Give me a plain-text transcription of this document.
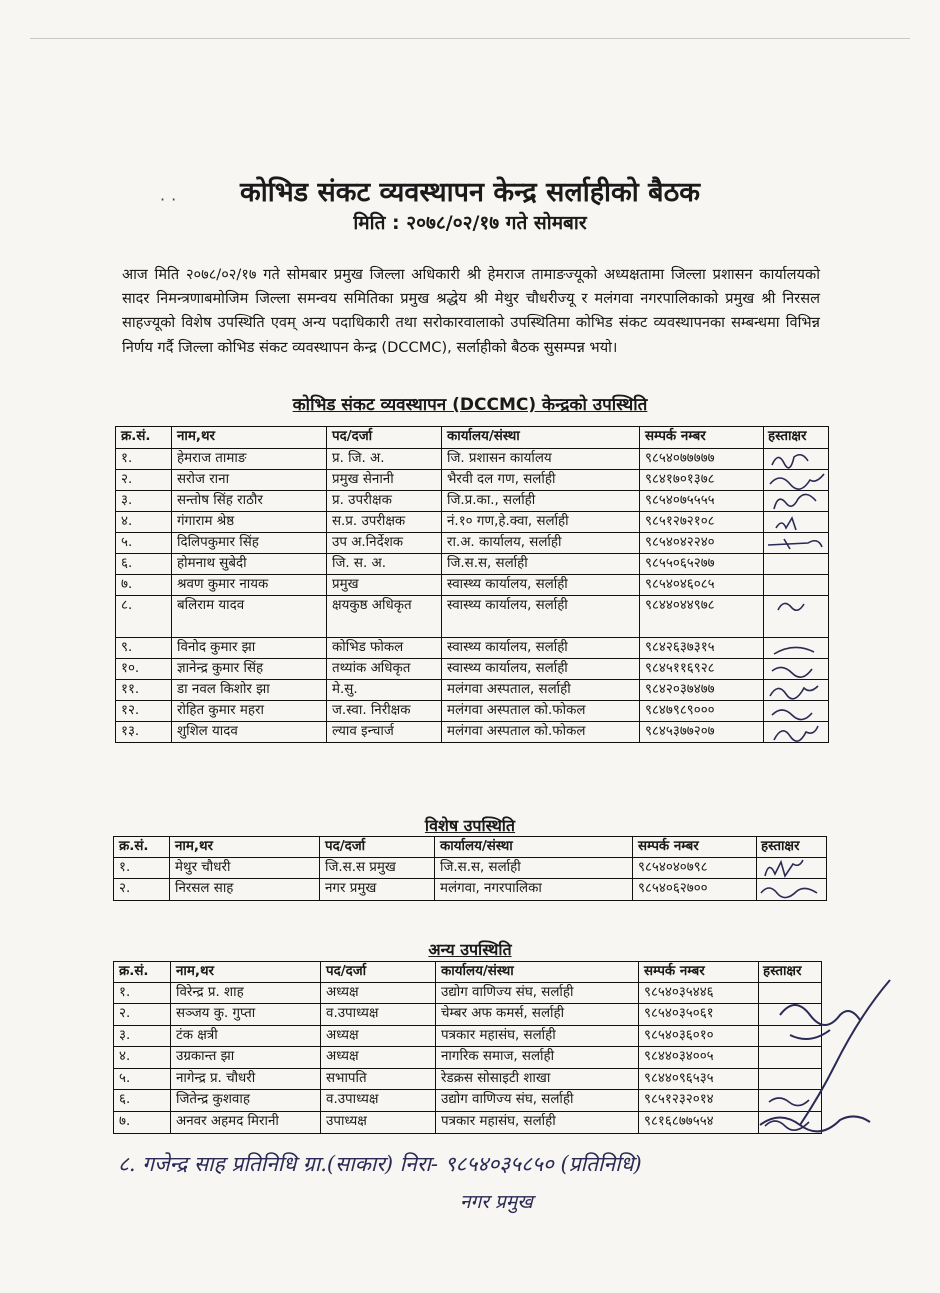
··	कोभिड संकट व्यवस्थापन केन्द्र सर्लाहीको बैठक
मिति : २०७८/०२/१७ गते सोमबार
आज मिति २०७८/०२/१७ गते सोमबार प्रमुख जिल्ला अधिकारी श्री हेमराज तामाङज्यूको अध्यक्षतामा जिल्ला प्रशासन कार्यालयको सादर निमन्त्रणाबमोजिम जिल्ला समन्वय समितिका प्रमुख श्रद्धेय श्री मेथुर चौधरीज्यू र मलंगवा नगरपालिकाको प्रमुख श्री निरसल साहज्यूको विशेष उपस्थिति एवम् अन्य पदाधिकारी तथा सरोकारवालाको उपस्थितिमा कोभिड संकट व्यवस्थापनका सम्बन्धमा विभिन्न निर्णय गर्दै जिल्ला कोभिड संकट व्यवस्थापन केन्द्र (DCCMC), सर्लाहीको बैठक सुसम्पन्न भयो।
कोभिड संकट व्यवस्थापन (DCCMC) केन्द्रको उपस्थिति
क्र.सं.	नाम,थर	पद/दर्जा	कार्यालय/संस्था	सम्पर्क नम्बर	हस्ताक्षर
१.	हेमराज तामाङ	प्र. जि. अ.	जि. प्रशासन कार्यालय	९८५४०७७७७७	

२.	सरोज राना	प्रमुख सेनानी	भैरवी दल गण, सर्लाही	९८४१७०१३७८	

३.	सन्तोष सिंह राठौर	प्र. उपरीक्षक	जि.प्र.का., सर्लाही	९८५४०७५५५५	

४.	गंगाराम श्रेष्ठ	स.प्र. उपरीक्षक	नं.१० गण,हे.क्वा, सर्लाही	९८५१२७२१०८	

५.	दिलिपकुमार सिंह	उप अ.निर्देशक	रा.अ. कार्यालय, सर्लाही	९८५४०४२२४०	

६.	होमनाथ सुबेदी	जि. स. अ.	जि.स.स, सर्लाही	९८५५०६५२७७	
७.	श्रवण कुमार नायक	प्रमुख	स्वास्थ्य कार्यालय, सर्लाही	९८५४०४६०८५	
८.	बलिराम यादव	क्षयकुष्ठ अधिकृत	स्वास्थ्य कार्यालय, सर्लाही	९८४४०४४९७८	

९.	विनोद कुमार झा	कोभिड फोकल	स्वास्थ्य कार्यालय, सर्लाही	९८४२६३७३१५	

१०.	ज्ञानेन्द्र कुमार सिंह	तथ्यांक अधिकृत	स्वास्थ्य कार्यालय, सर्लाही	९८४५११६९२८	

११.	डा नवल किशोर झा	मे.सु.	मलंगवा अस्पताल, सर्लाही	९८४२०३७४७७	

१२.	रोहित कुमार महरा	ज.स्वा. निरीक्षक	मलंगवा अस्पताल को.फोकल	९८४७९८९०००	

१३.	शुशिल यादव	ल्याव इन्चार्ज	मलंगवा अस्पताल को.फोकल	९८४५३७७२०७	
विशेष उपस्थिति
क्र.सं.	नाम,थर	पद/दर्जा	कार्यालय/संस्था	सम्पर्क नम्बर	हस्ताक्षर
१.	मेथुर चौधरी	जि.स.स प्रमुख	जि.स.स, सर्लाही	९८५४०४०७९८	

२.	निरसल साह	नगर प्रमुख	मलंगवा, नगरपालिका	९८५४०६२७००	
अन्य उपस्थिति
क्र.सं.	नाम,थर	पद/दर्जा	कार्यालय/संस्था	सम्पर्क नम्बर	हस्ताक्षर
१.	विरेन्द्र प्र. शाह	अध्यक्ष	उद्योग वाणिज्य संघ, सर्लाही	९८५४०३५४४६	
२.	सञ्जय कु. गुप्ता	व.उपाध्यक्ष	चेम्बर अफ कमर्स, सर्लाही	९८५४०३५०६१	
३.	टंक क्षत्री	अध्यक्ष	पत्रकार महासंघ, सर्लाही	९८५४०३६०१०	
४.	उग्रकान्त झा	अध्यक्ष	नागरिक समाज, सर्लाही	९८४४०३४००५	
५.	नागेन्द्र प्र. चौधरी	सभापति	रेडक्रस सोसाइटी शाखा	९८४४०९६५३५	
६.	जितेन्द्र कुशवाह	व.उपाध्यक्ष	उद्योग वाणिज्य संघ, सर्लाही	९८५१२३२०१४	

७.	अनवर अहमद मिरानी	उपाध्यक्ष	पत्रकार महासंघ, सर्लाही	९८१६८७७५५४	
८. गजेन्द्र साह प्रतिनिधि ग्रा.(साकार) निरा- ९८५४०३५८५० (प्रतिनिधि)
नगर प्रमुख
